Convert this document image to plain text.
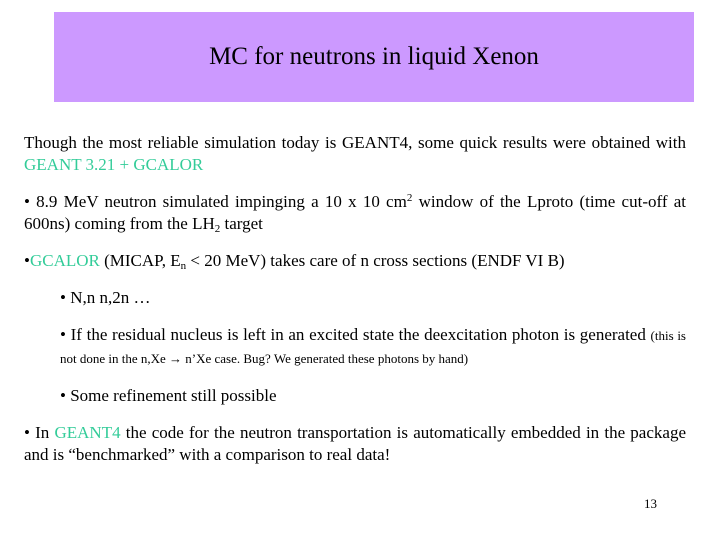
MC for neutrons in liquid Xenon

Though the most reliable simulation today is GEANT4, some quick results were obtained with GEANT 3.21 + GCALOR

• 8.9 MeV neutron simulated impinging a 10 x 10 $cm^2$ window of the Lproto (time cut-off at 600ns) coming from the $LH_2$ target

•GCALOR (MICAP, $E_n < 20$ MeV) takes care of n cross sections (ENDF VI B)

• N,n n,2n …

• If the residual nucleus is left in an excited state the deexcitation photon is generated (this is not done in the n,Xe → n’Xe case. Bug? We generated these photons by hand)

• Some refinement still possible

• In GEANT4 the code for the neutron transportation is automatically embedded in the package and is “benchmarked” with a comparison to real data!

13
